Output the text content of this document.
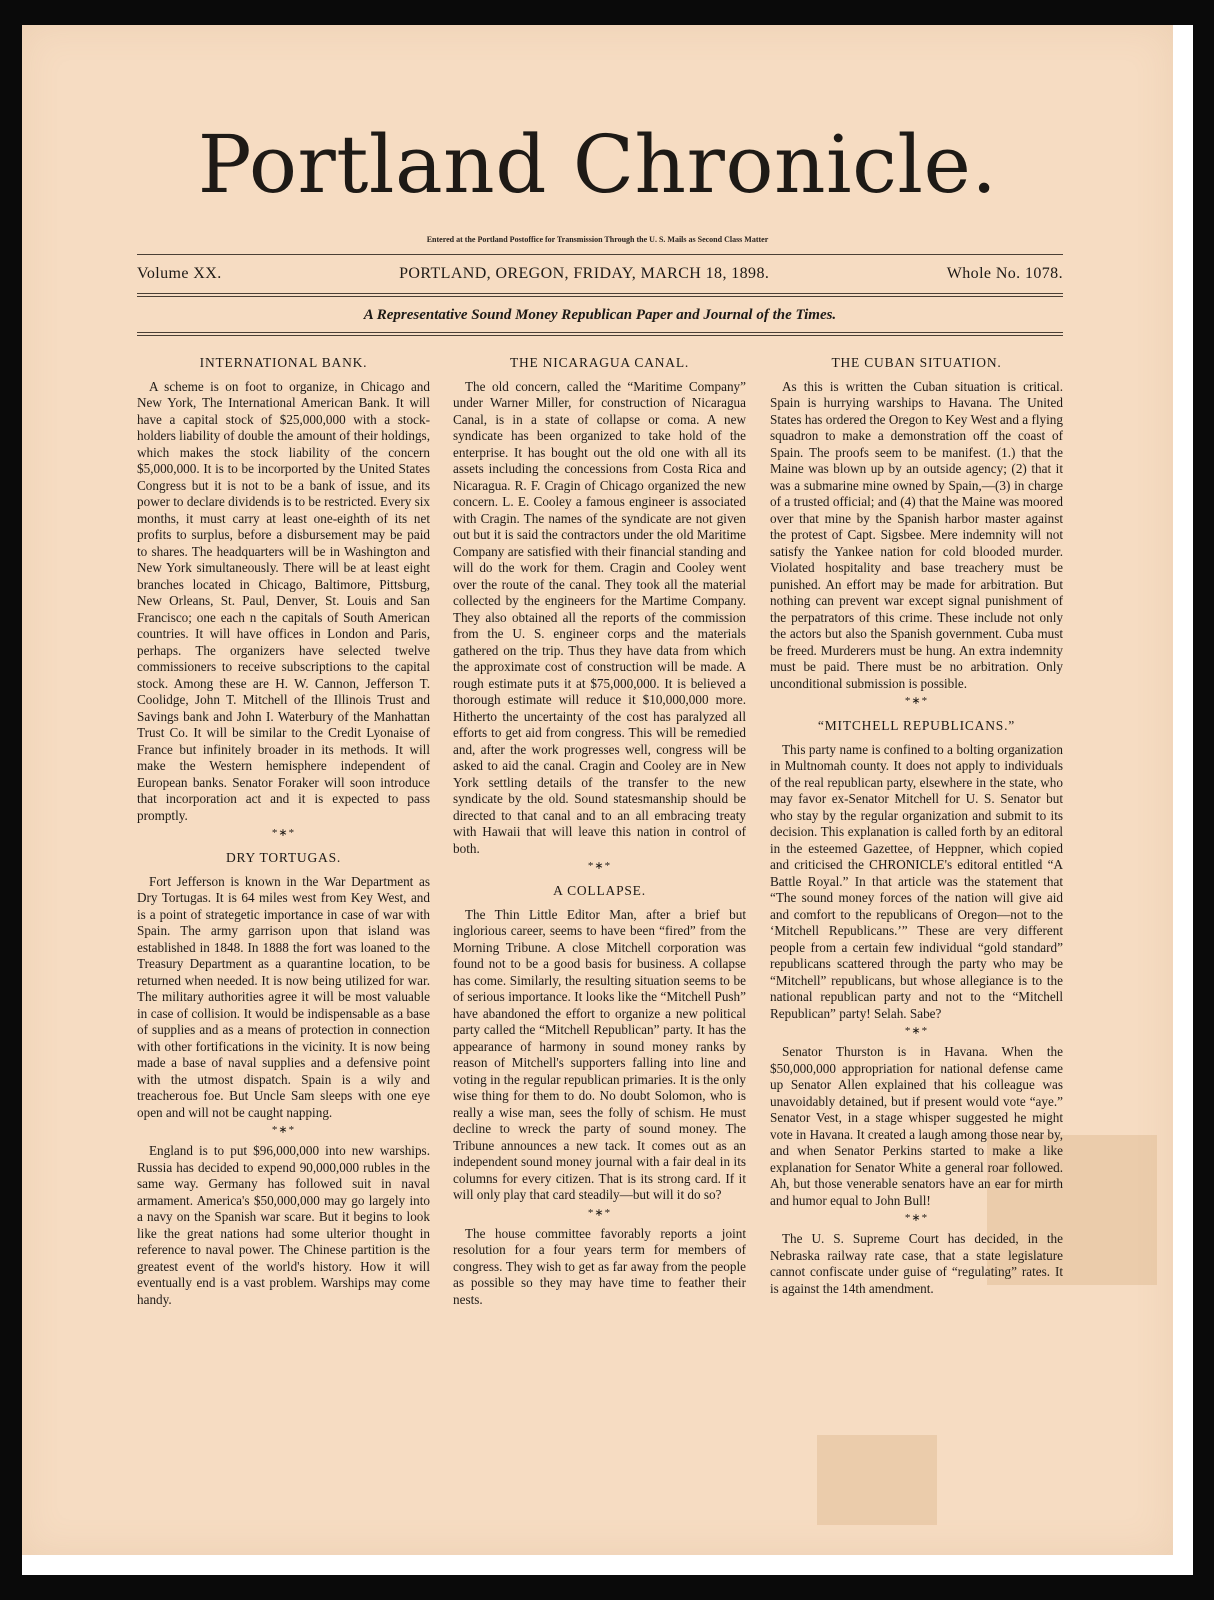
Portland Chronicle.
Entered at the Portland Postoffice for Transmission Through the U. S. Mails as Second Class Matter
Volume XX.	PORTLAND, OREGON, FRIDAY, MARCH 18, 1898.	Whole No. 1078.
A Representative Sound Money Republican Paper and Journal of the Times.
INTERNATIONAL BANK.

A scheme is on foot to organize, in Chicago and New York, The International American Bank. It will have a capital stock of $25,000,000 with a stock-holders liability of double the amount of their holdings, which makes the stock liability of the concern $5,000,000. It is to be incorported by the United States Congress but it is not to be a bank of issue, and its power to declare dividends is to be restricted. Every six months, it must carry at least one-eighth of its net profits to surplus, before a disbursement may be paid to shares. The headquarters will be in Washington and New York simultaneously. There will be at least eight branches located in Chicago, Baltimore, Pittsburg, New Orleans, St. Paul, Denver, St. Louis and San Francisco; one each n the capitals of South American countries. It will have offices in London and Paris, perhaps. The organizers have selected twelve commissioners to receive subscriptions to the capital stock. Among these are H. W. Cannon, Jefferson T. Coolidge, John T. Mitchell of the Illinois Trust and Savings bank and John I. Waterbury of the Manhattan Trust Co. It will be similar to the Credit Lyonaise of France but infinitely broader in its methods. It will make the Western hemisphere independent of European banks. Senator Foraker will soon introduce that incorporation act and it is expected to pass promptly.

*∗*
DRY TORTUGAS.

Fort Jefferson is known in the War Department as Dry Tortugas. It is 64 miles west from Key West, and is a point of strategetic importance in case of war with Spain. The army garrison upon that island was established in 1848. In 1888 the fort was loaned to the Treasury Department as a quarantine location, to be returned when needed. It is now being utilized for war. The military authorities agree it will be most valuable in case of collision. It would be indispensable as a base of supplies and as a means of protection in connection with other fortifications in the vicinity. It is now being made a base of naval supplies and a defensive point with the utmost dispatch. Spain is a wily and treacherous foe. But Uncle Sam sleeps with one eye open and will not be caught napping.

*∗*

England is to put $96,000,000 into new warships. Russia has decided to expend 90,000,000 rubles in the same way. Germany has followed suit in naval armament. America's $50,000,000 may go largely into a navy on the Spanish war scare. But it begins to look like the great nations had some ulterior thought in reference to naval power. The Chinese partition is the greatest event of the world's history. How it will eventually end is a vast problem. Warships may come handy.

THE NICARAGUA CANAL.

The old concern, called the “Maritime Company” under Warner Miller, for construction of Nicaragua Canal, is in a state of collapse or coma. A new syndicate has been organized to take hold of the enterprise. It has bought out the old one with all its assets including the concessions from Costa Rica and Nicaragua. R. F. Cragin of Chicago organized the new concern. L. E. Cooley a famous engineer is associated with Cragin. The names of the syndicate are not given out but it is said the contractors under the old Maritime Company are satisfied with their financial standing and will do the work for them. Cragin and Cooley went over the route of the canal. They took all the material collected by the engineers for the Martime Company. They also obtained all the reports of the commission from the U. S. engineer corps and the materials gathered on the trip. Thus they have data from which the approximate cost of construction will be made. A rough estimate puts it at $75,000,000. It is believed a thorough estimate will reduce it $10,000,000 more. Hitherto the uncertainty of the cost has paralyzed all efforts to get aid from congress. This will be remedied and, after the work progresses well, congress will be asked to aid the canal. Cragin and Cooley are in New York settling details of the transfer to the new syndicate by the old. Sound statesmanship should be directed to that canal and to an all embracing treaty with Hawaii that will leave this nation in control of both.

*∗*
A COLLAPSE.

The Thin Little Editor Man, after a brief but inglorious career, seems to have been “fired” from the Morning Tribune. A close Mitchell corporation was found not to be a good basis for business. A collapse has come. Similarly, the resulting situation seems to be of serious importance. It looks like the “Mitchell Push” have abandoned the effort to organize a new political party called the “Mitchell Republican” party. It has the appearance of harmony in sound money ranks by reason of Mitchell's supporters falling into line and voting in the regular republican primaries. It is the only wise thing for them to do. No doubt Solomon, who is really a wise man, sees the folly of schism. He must decline to wreck the party of sound money. The Tribune announces a new tack. It comes out as an independent sound money journal with a fair deal in its columns for every citizen. That is its strong card. If it will only play that card steadily—but will it do so?

*∗*

The house committee favorably reports a joint resolution for a four years term for members of congress. They wish to get as far away from the people as possible so they may have time to feather their nests.

THE CUBAN SITUATION.

As this is written the Cuban situation is critical. Spain is hurrying warships to Havana. The United States has ordered the Oregon to Key West and a flying squadron to make a demonstration off the coast of Spain. The proofs seem to be manifest. (1.) that the Maine was blown up by an outside agency; (2) that it was a submarine mine owned by Spain,—(3) in charge of a trusted official; and (4) that the Maine was moored over that mine by the Spanish harbor master against the protest of Capt. Sigsbee. Mere indemnity will not satisfy the Yankee nation for cold blooded murder. Violated hospitality and base treachery must be punished. An effort may be made for arbitration. But nothing can prevent war except signal punishment of the perpatrators of this crime. These include not only the actors but also the Spanish government. Cuba must be freed. Murderers must be hung. An extra indemnity must be paid. There must be no arbitration. Only unconditional submission is possible.

*∗*
“MITCHELL REPUBLICANS.”

This party name is confined to a bolting organization in Multnomah county. It does not apply to individuals of the real republican party, elsewhere in the state, who may favor ex-Senator Mitchell for U. S. Senator but who stay by the regular organization and submit to its decision. This explanation is called forth by an editoral in the esteemed Gazettee, of Heppner, which copied and criticised the CHRONICLE's editoral entitled “A Battle Royal.” In that article was the statement that “The sound money forces of the nation will give aid and comfort to the republicans of Oregon—not to the ‘Mitchell Republicans.’” These are very different people from a certain few individual “gold standard” republicans scattered through the party who may be “Mitchell” republicans, but whose allegiance is to the national republican party and not to the “Mitchell Republican” party! Selah. Sabe?

*∗*

Senator Thurston is in Havana. When the $50,000,000 appropriation for national defense came up Senator Allen explained that his colleague was unavoidably detained, but if present would vote “aye.” Senator Vest, in a stage whisper suggested he might vote in Havana. It created a laugh among those near by, and when Senator Perkins started to make a like explanation for Senator White a general roar followed. Ah, but those venerable senators have an ear for mirth and humor equal to John Bull!

*∗*

The U. S. Supreme Court has decided, in the Nebraska railway rate case, that a state legislature cannot confiscate under guise of “regulating” rates. It is against the 14th amendment.
